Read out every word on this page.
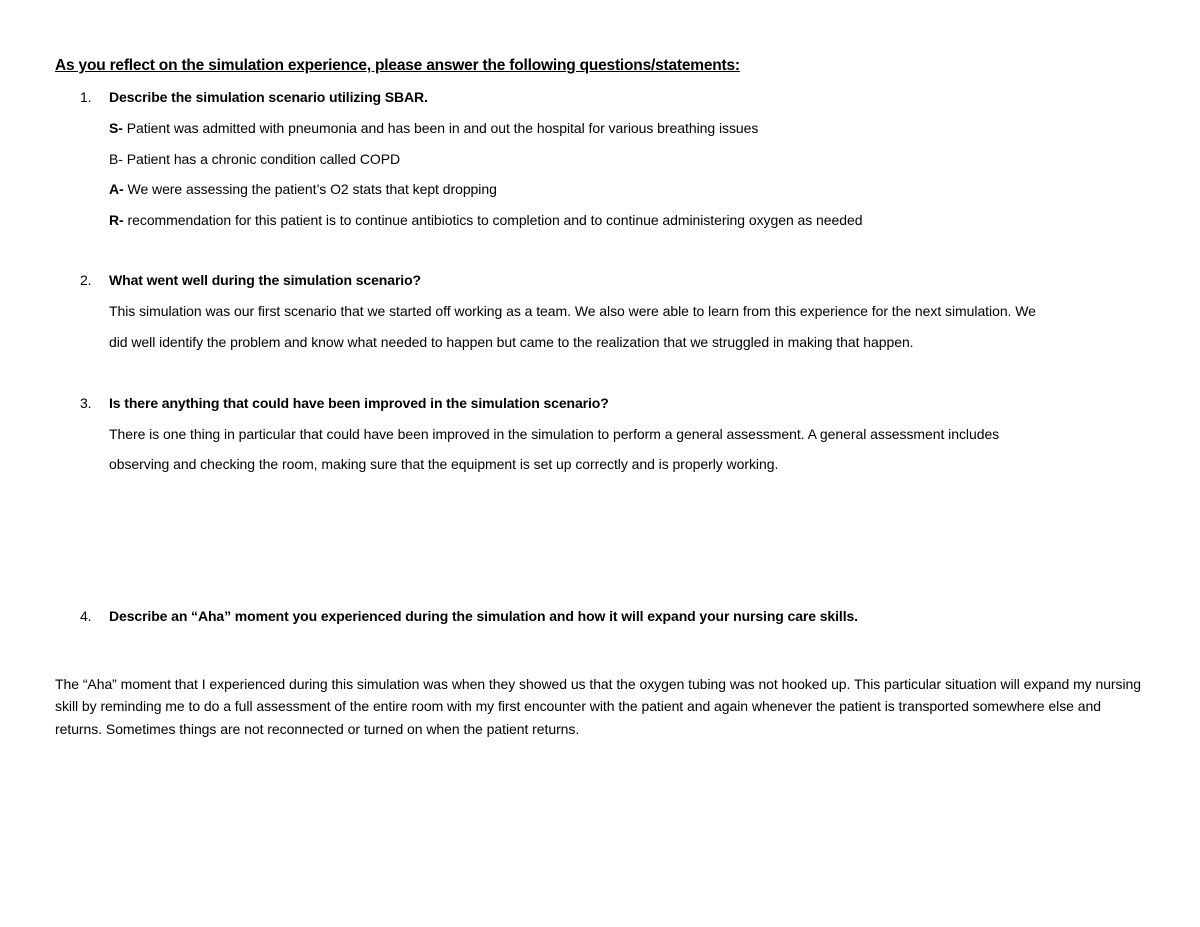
As you reflect on the simulation experience, please answer the following questions/statements:
1. Describe the simulation scenario utilizing SBAR.
S- Patient was admitted with pneumonia and has been in and out the hospital for various breathing issues
B- Patient has a chronic condition called COPD
A- We were assessing the patient’s O2 stats that kept dropping
R- recommendation for this patient is to continue antibiotics to completion and to continue administering oxygen as needed
2. What went well during the simulation scenario?
This simulation was our first scenario that we started off working as a team. We also were able to learn from this experience for the next simulation. We
did well identify the problem and know what needed to happen but came to the realization that we struggled in making that happen.
3. Is there anything that could have been improved in the simulation scenario?
There is one thing in particular that could have been improved in the simulation to perform a general assessment. A general assessment includes
observing and checking the room, making sure that the equipment is set up correctly and is properly working.
4. Describe an “Aha” moment you experienced during the simulation and how it will expand your nursing care skills.
The “Aha” moment that I experienced during this simulation was when they showed us that the oxygen tubing was not hooked up. This particular situation will expand my nursing skill by reminding me to do a full assessment of the entire room with my first encounter with the patient and again whenever the patient is transported somewhere else and returns. Sometimes things are not reconnected or turned on when the patient returns.
